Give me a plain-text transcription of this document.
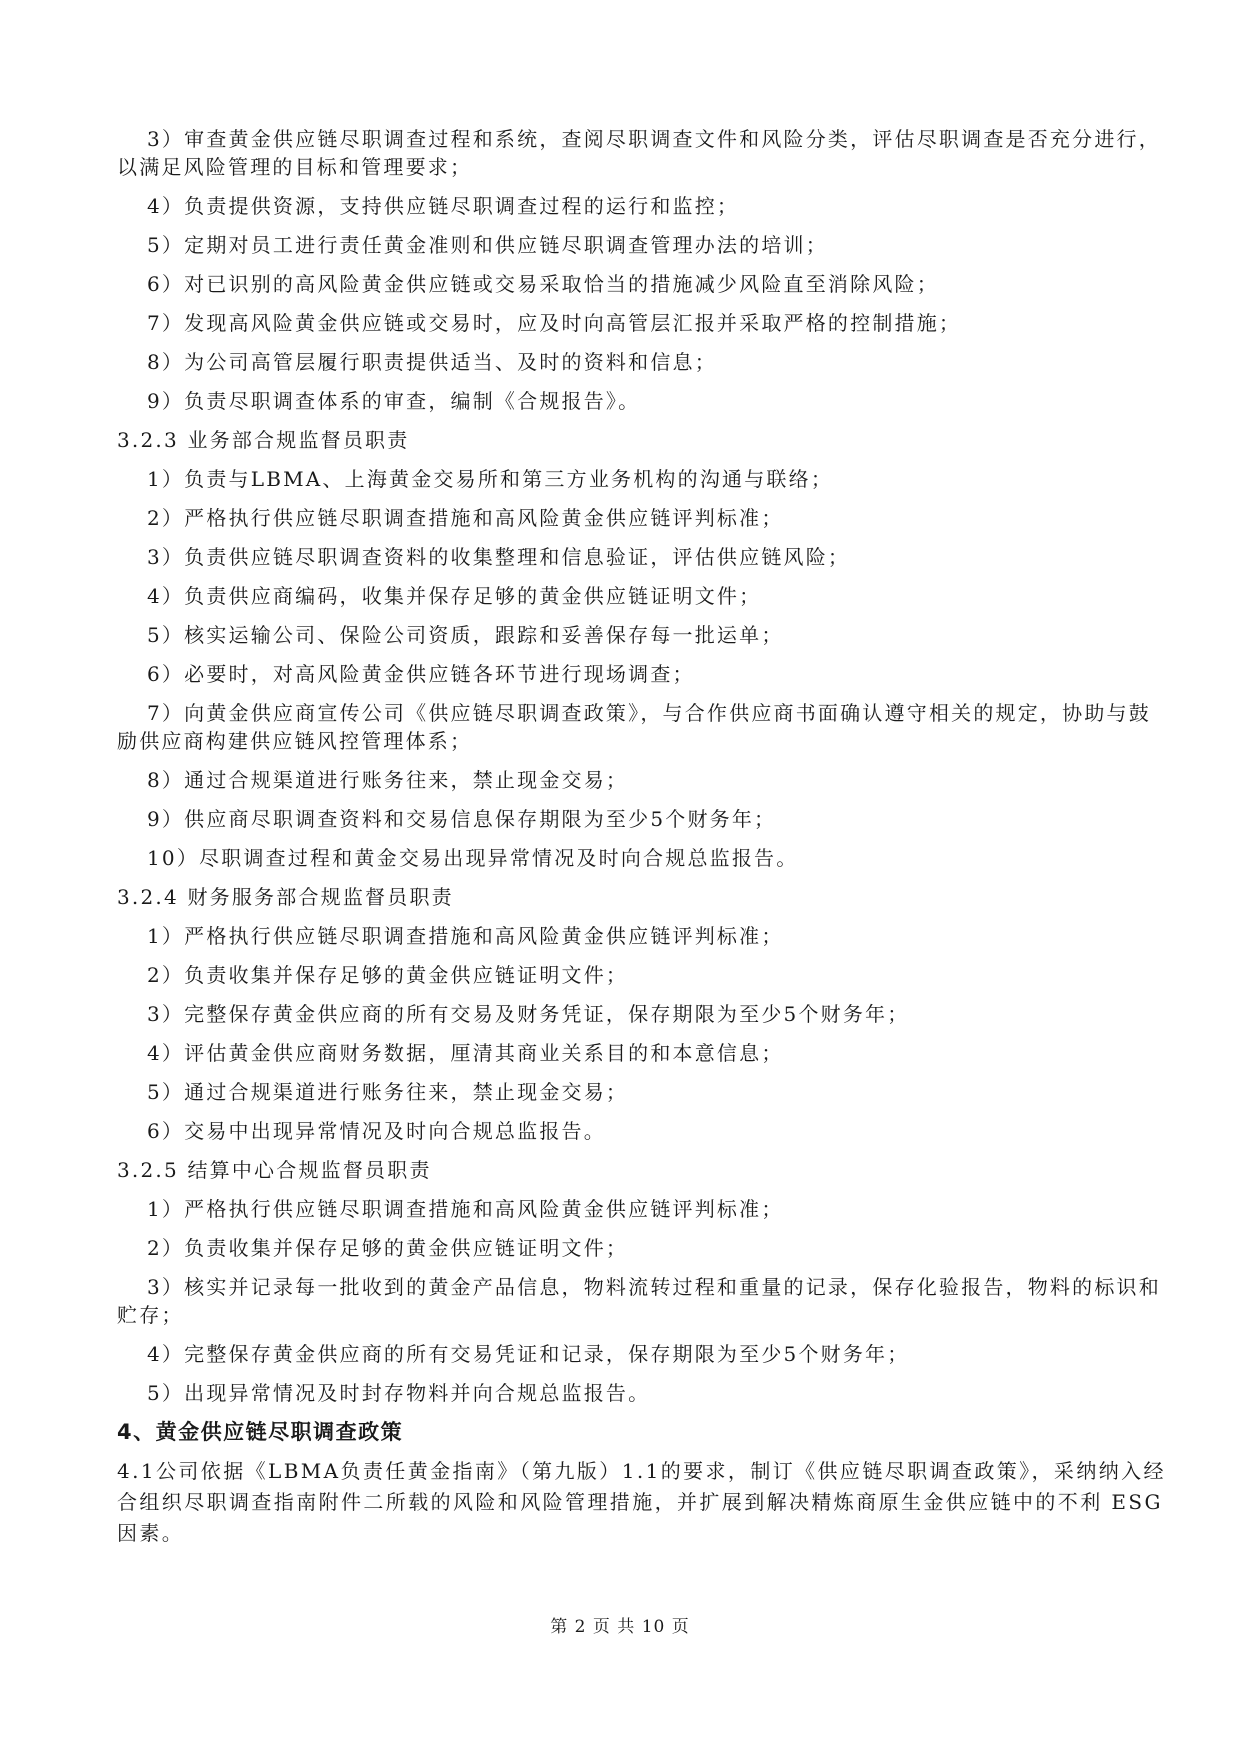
3）审查黄金供应链尽职调查过程和系统，查阅尽职调查文件和风险分类，评估尽职调查是否充分进行，以满足风险管理的目标和管理要求；

4）负责提供资源，支持供应链尽职调查过程的运行和监控；

5）定期对员工进行责任黄金准则和供应链尽职调查管理办法的培训；

6）对已识别的高风险黄金供应链或交易采取恰当的措施减少风险直至消除风险；

7）发现高风险黄金供应链或交易时，应及时向高管层汇报并采取严格的控制措施；

8）为公司高管层履行职责提供适当、及时的资料和信息；

9）负责尽职调查体系的审查，编制《合规报告》。

3.2.3 业务部合规监督员职责

1）负责与LBMA、上海黄金交易所和第三方业务机构的沟通与联络；

2）严格执行供应链尽职调查措施和高风险黄金供应链评判标准；

3）负责供应链尽职调查资料的收集整理和信息验证，评估供应链风险；

4）负责供应商编码，收集并保存足够的黄金供应链证明文件；

5）核实运输公司、保险公司资质，跟踪和妥善保存每一批运单；

6）必要时，对高风险黄金供应链各环节进行现场调查；

7）向黄金供应商宣传公司《供应链尽职调查政策》，与合作供应商书面确认遵守相关的规定，协助与鼓励供应商构建供应链风控管理体系；

8）通过合规渠道进行账务往来，禁止现金交易；

9）供应商尽职调查资料和交易信息保存期限为至少5个财务年；

10）尽职调查过程和黄金交易出现异常情况及时向合规总监报告。

3.2.4 财务服务部合规监督员职责

1）严格执行供应链尽职调查措施和高风险黄金供应链评判标准；

2）负责收集并保存足够的黄金供应链证明文件；

3）完整保存黄金供应商的所有交易及财务凭证，保存期限为至少5个财务年；

4）评估黄金供应商财务数据，厘清其商业关系目的和本意信息；

5）通过合规渠道进行账务往来，禁止现金交易；

6）交易中出现异常情况及时向合规总监报告。

3.2.5 结算中心合规监督员职责

1）严格执行供应链尽职调查措施和高风险黄金供应链评判标准；

2）负责收集并保存足够的黄金供应链证明文件；

3）核实并记录每一批收到的黄金产品信息，物料流转过程和重量的记录，保存化验报告，物料的标识和贮存；

4）完整保存黄金供应商的所有交易凭证和记录，保存期限为至少5个财务年；

5）出现异常情况及时封存物料并向合规总监报告。

4、黄金供应链尽职调查政策

4.1公司依据《LBMA负责任黄金指南》（第九版）1.1的要求，制订《供应链尽职调查政策》，采纳纳入经合组织尽职调查指南附件二所载的风险和风险管理措施，并扩展到解决精炼商原生金供应链中的不利 ESG 因素。

第 2 页 共 10 页
